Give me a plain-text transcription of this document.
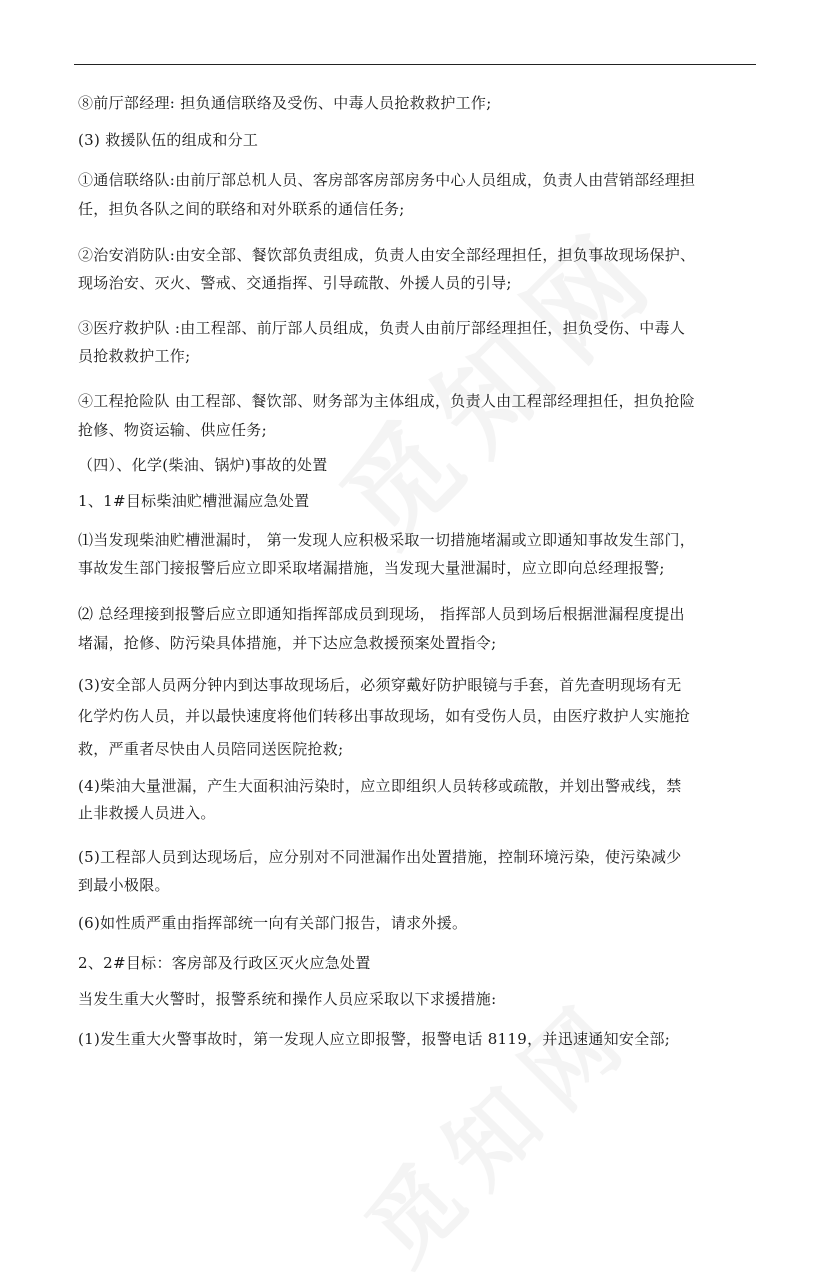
⑧前厅部经理: 担负通信联络及受伤、中毒人员抢救救护工作;
(3) 救援队伍的组成和分工
①通信联络队:由前厅部总机人员、客房部客房部房务中心人员组成，负责人由营销部经理担
任，担负各队之间的联络和对外联系的通信任务;
②治安消防队:由安全部、餐饮部负责组成，负责人由安全部经理担任，担负事故现场保护、
现场治安、灭火、警戒、交通指挥、引导疏散、外援人员的引导;
③医疗救护队 :由工程部、前厅部人员组成，负责人由前厅部经理担任，担负受伤、中毒人
员抢救救护工作;
④工程抢险队 由工程部、餐饮部、财务部为主体组成，负责人由工程部经理担任，担负抢险
抢修、物资运输、供应任务;
（四）、化学(柴油、锅炉)事故的处置
1、1#目标柴油贮槽泄漏应急处置
⑴当发现柴油贮槽泄漏时， 第一发现人应积极采取一切措施堵漏或立即通知事故发生部门，
事故发生部门接报警后应立即采取堵漏措施，当发现大量泄漏时，应立即向总经理报警;
⑵ 总经理接到报警后应立即通知指挥部成员到现场， 指挥部人员到场后根据泄漏程度提出
堵漏，抢修、防污染具体措施，并下达应急救援预案处置指令;
(3)安全部人员两分钟内到达事故现场后，必须穿戴好防护眼镜与手套，首先查明现场有无
化学灼伤人员，并以最快速度将他们转移出事故现场，如有受伤人员，由医疗救护人实施抢
救，严重者尽快由人员陪同送医院抢救;
(4)柴油大量泄漏，产生大面积油污染时，应立即组织人员转移或疏散，并划出警戒线，禁
止非救援人员进入。
(5)工程部人员到达现场后，应分别对不同泄漏作出处置措施，控制环境污染，使污染减少
到最小极限。
(6)如性质严重由指挥部统一向有关部门报告，请求外援。
2、2#目标：客房部及行政区灭火应急处置
当发生重大火警时，报警系统和操作人员应采取以下求援措施:
(1)发生重大火警事故时，第一发现人应立即报警，报警电话 8119，并迅速通知安全部;
